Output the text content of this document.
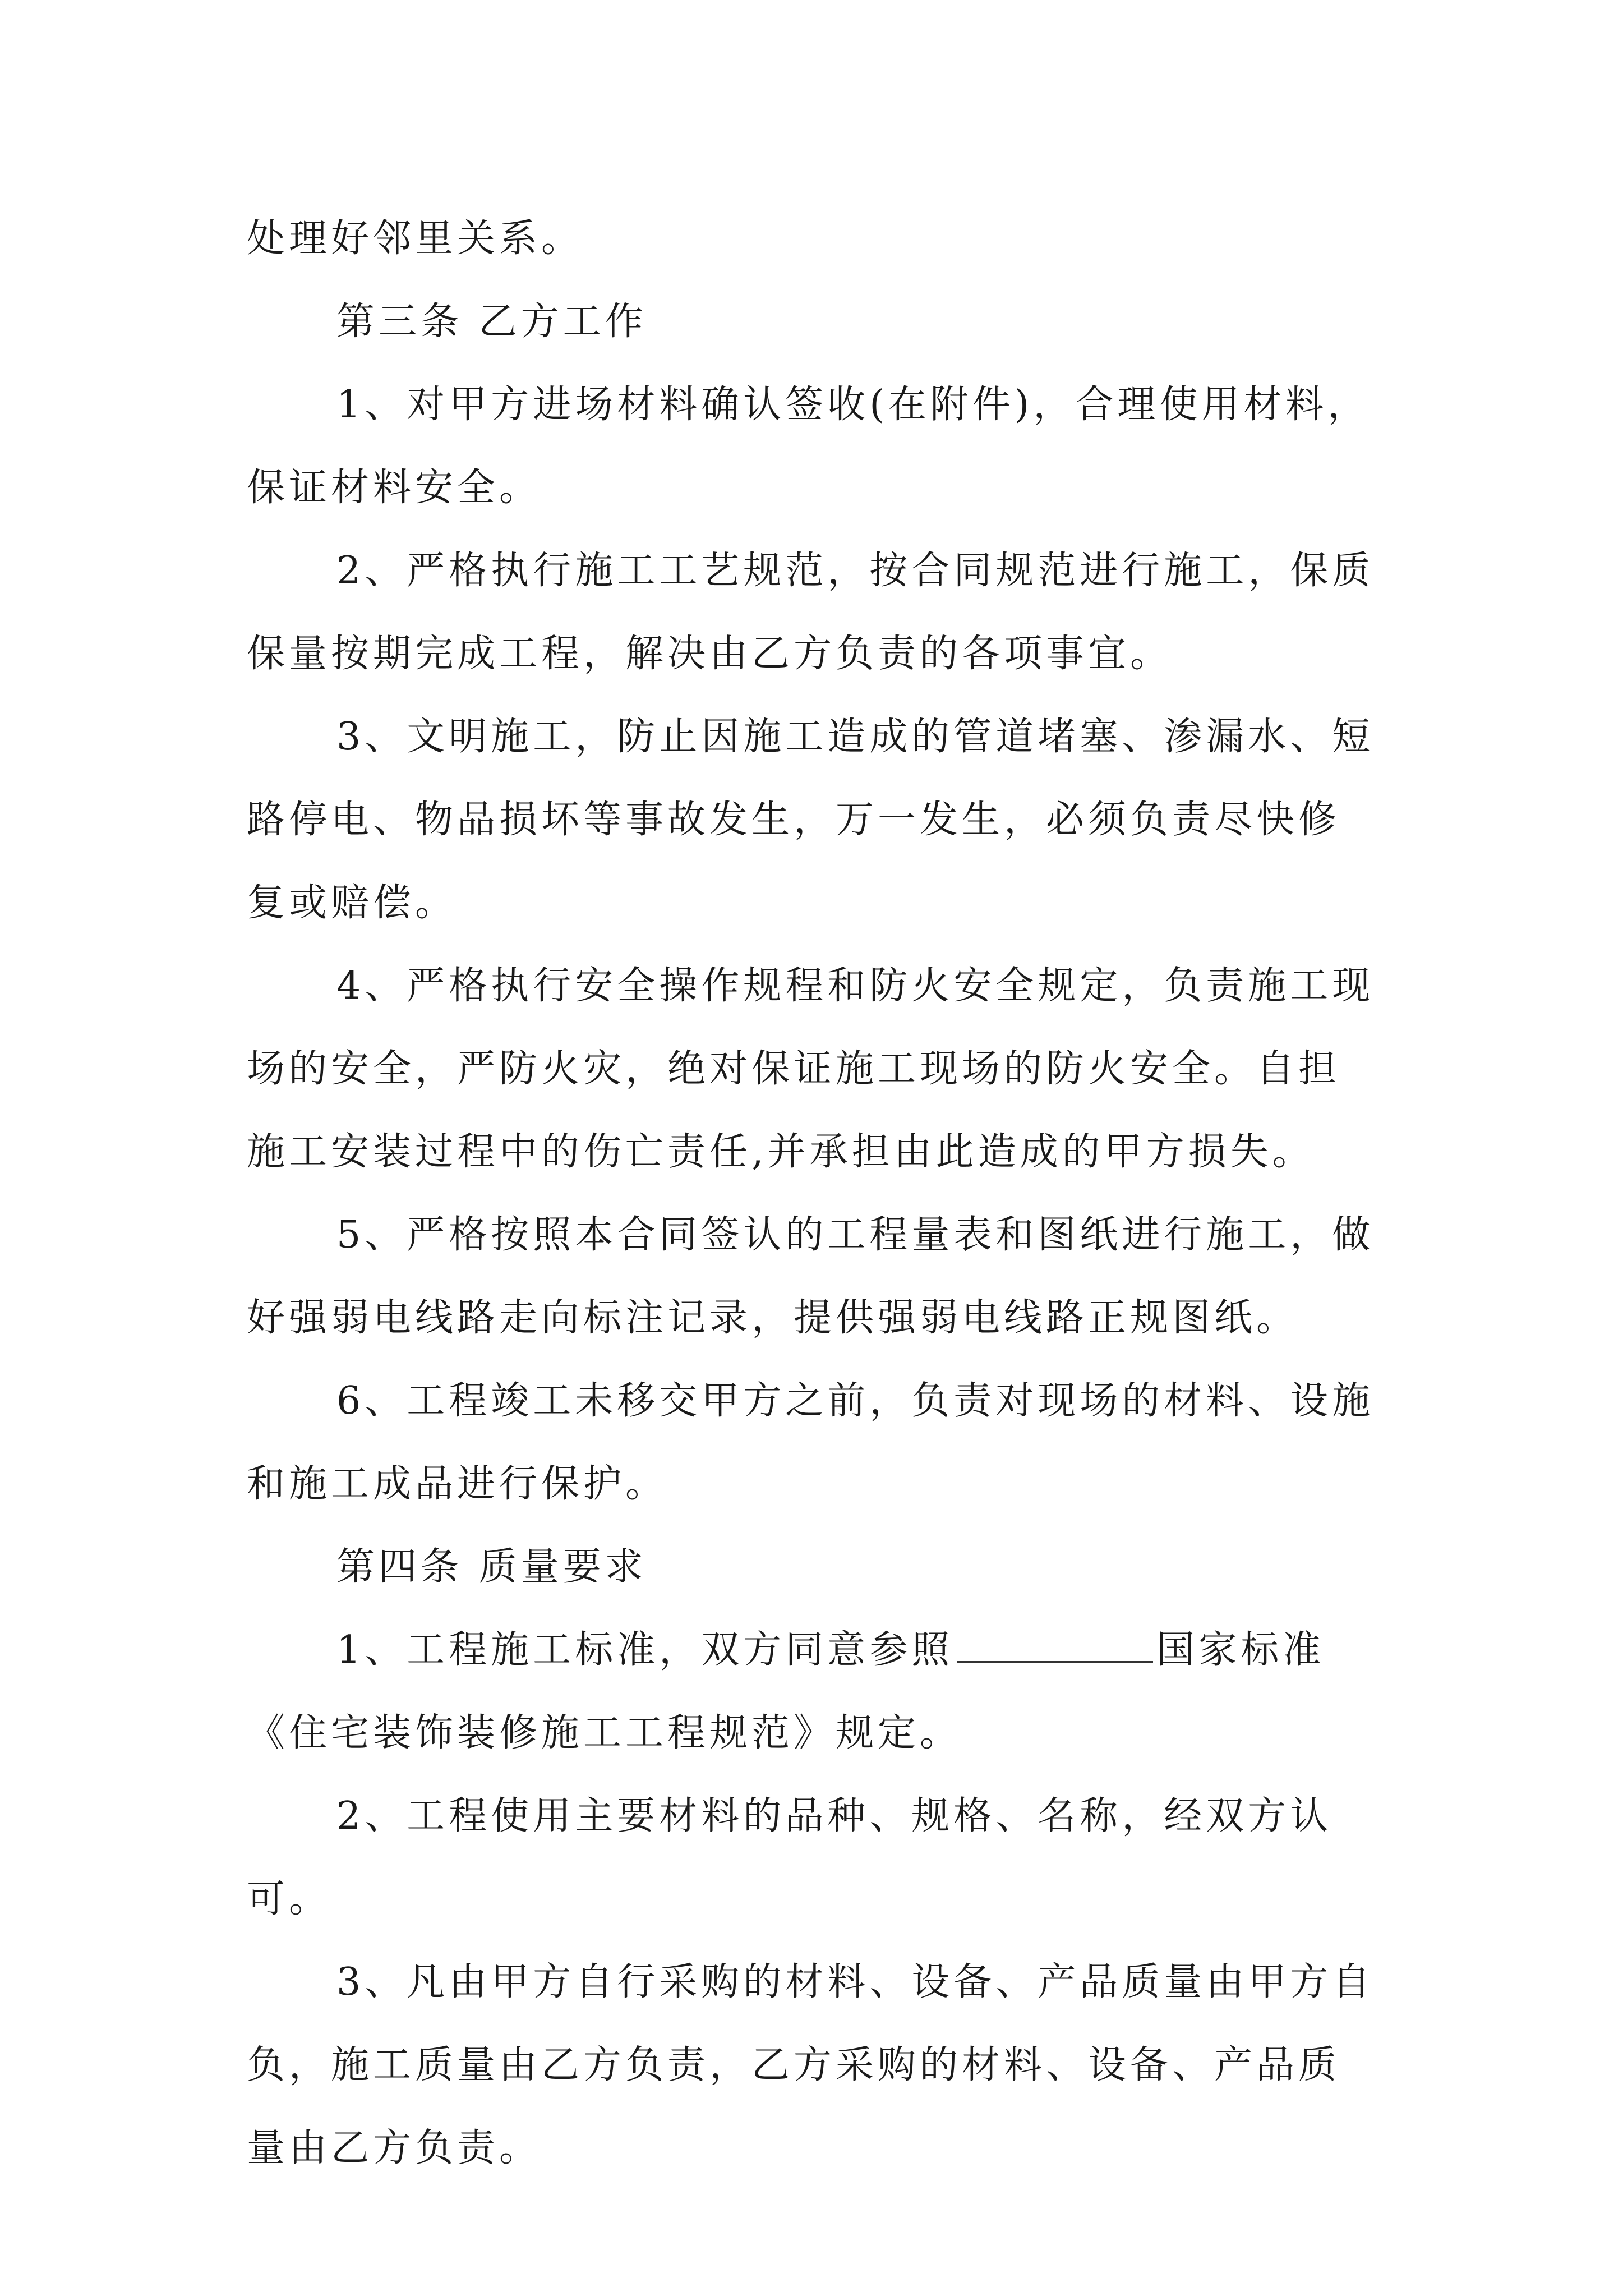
处理好邻里关系。

第三条 乙方工作

1、对甲方进场材料确认签收(在附件)，合理使用材料，保证材料安全。

2、严格执行施工工艺规范，按合同规范进行施工，保质保量按期完成工程，解决由乙方负责的各项事宜。

3、文明施工，防止因施工造成的管道堵塞、渗漏水、短路停电、物品损坏等事故发生，万一发生，必须负责尽快修复或赔偿。

4、严格执行安全操作规程和防火安全规定，负责施工现场的安全，严防火灾，绝对保证施工现场的防火安全。自担施工安装过程中的伤亡责任,并承担由此造成的甲方损失。

5、严格按照本合同签认的工程量表和图纸进行施工，做好强弱电线路走向标注记录，提供强弱电线路正规图纸。

6、工程竣工未移交甲方之前，负责对现场的材料、设施和施工成品进行保护。

第四条 质量要求

1、工程施工标准，双方同意参照	国家标准《住宅装饰装修施工工程规范》规定。

2、工程使用主要材料的品种、规格、名称，经双方认可。

3、凡由甲方自行采购的材料、设备、产品质量由甲方自负，施工质量由乙方负责，乙方采购的材料、设备、产品质量由乙方负责。
